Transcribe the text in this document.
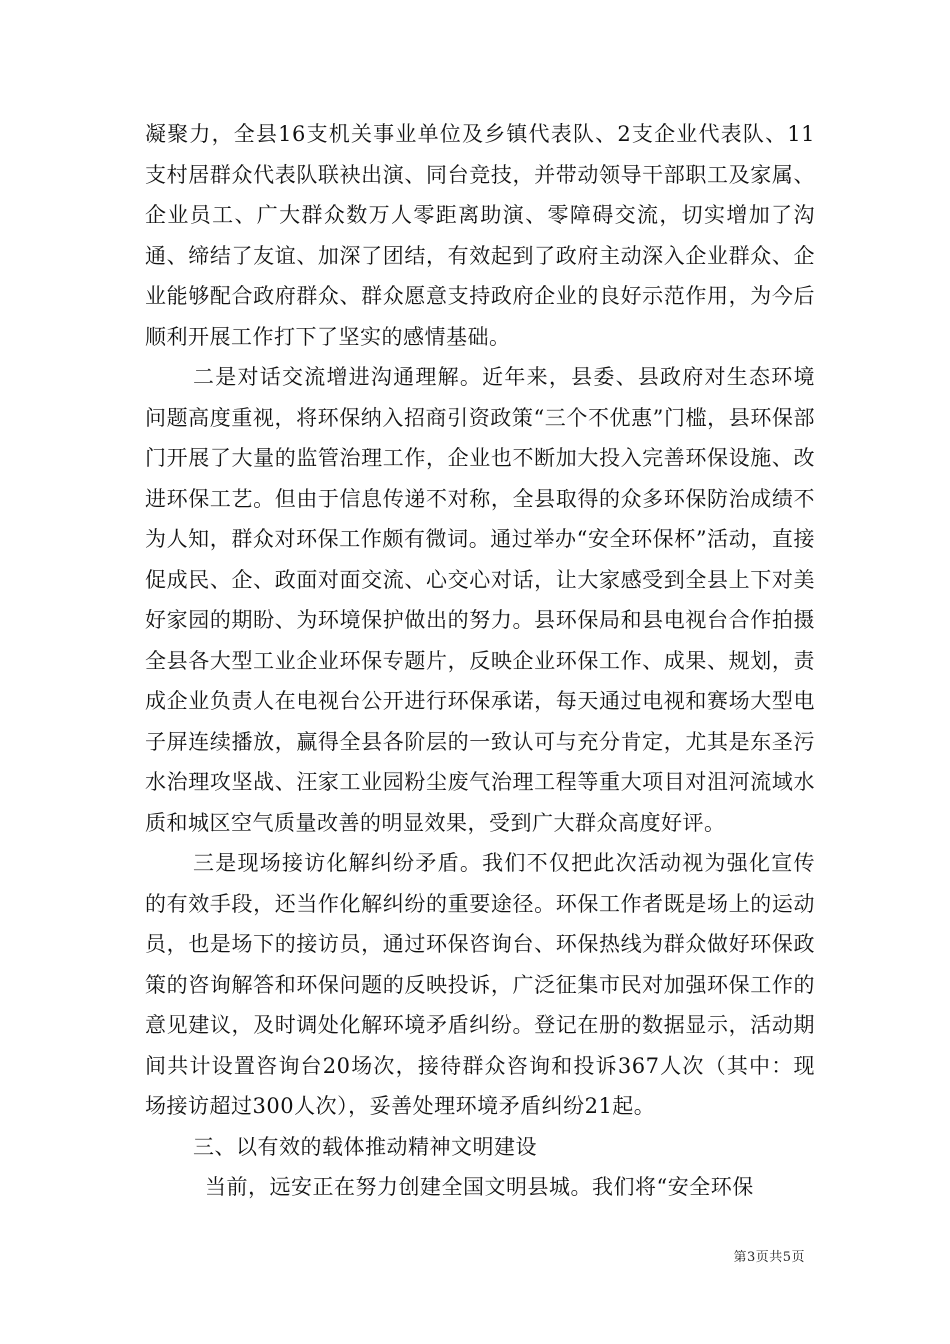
凝聚力，全县16支机关事业单位及乡镇代表队、2支企业代表队、11支村居群众代表队联袂出演、同台竞技，并带动领导干部职工及家属、企业员工、广大群众数万人零距离助演、零障碍交流，切实增加了沟通、缔结了友谊、加深了团结，有效起到了政府主动深入企业群众、企业能够配合政府群众、群众愿意支持政府企业的良好示范作用，为今后顺利开展工作打下了坚实的感情基础。

二是对话交流增进沟通理解。近年来，县委、县政府对生态环境问题高度重视，将环保纳入招商引资政策“三个不优惠”门槛，县环保部门开展了大量的监管治理工作，企业也不断加大投入完善环保设施、改进环保工艺。但由于信息传递不对称，全县取得的众多环保防治成绩不为人知，群众对环保工作颇有微词。通过举办“安全环保杯”活动，直接促成民、企、政面对面交流、心交心对话，让大家感受到全县上下对美好家园的期盼、为环境保护做出的努力。县环保局和县电视台合作拍摄全县各大型工业企业环保专题片，反映企业环保工作、成果、规划，责成企业负责人在电视台公开进行环保承诺，每天通过电视和赛场大型电子屏连续播放，赢得全县各阶层的一致认可与充分肯定，尤其是东圣污水治理攻坚战、汪家工业园粉尘废气治理工程等重大项目对沮河流域水质和城区空气质量改善的明显效果，受到广大群众高度好评。

三是现场接访化解纠纷矛盾。我们不仅把此次活动视为强化宣传的有效手段，还当作化解纠纷的重要途径。环保工作者既是场上的运动员，也是场下的接访员，通过环保咨询台、环保热线为群众做好环保政策的咨询解答和环保问题的反映投诉，广泛征集市民对加强环保工作的意见建议，及时调处化解环境矛盾纠纷。登记在册的数据显示，活动期间共计设置咨询台20场次，接待群众咨询和投诉367人次（其中：现场接访超过300人次），妥善处理环境矛盾纠纷21起。

三、以有效的载体推动精神文明建设

当前，远安正在努力创建全国文明县城。我们将“安全环保

第3页共5页
